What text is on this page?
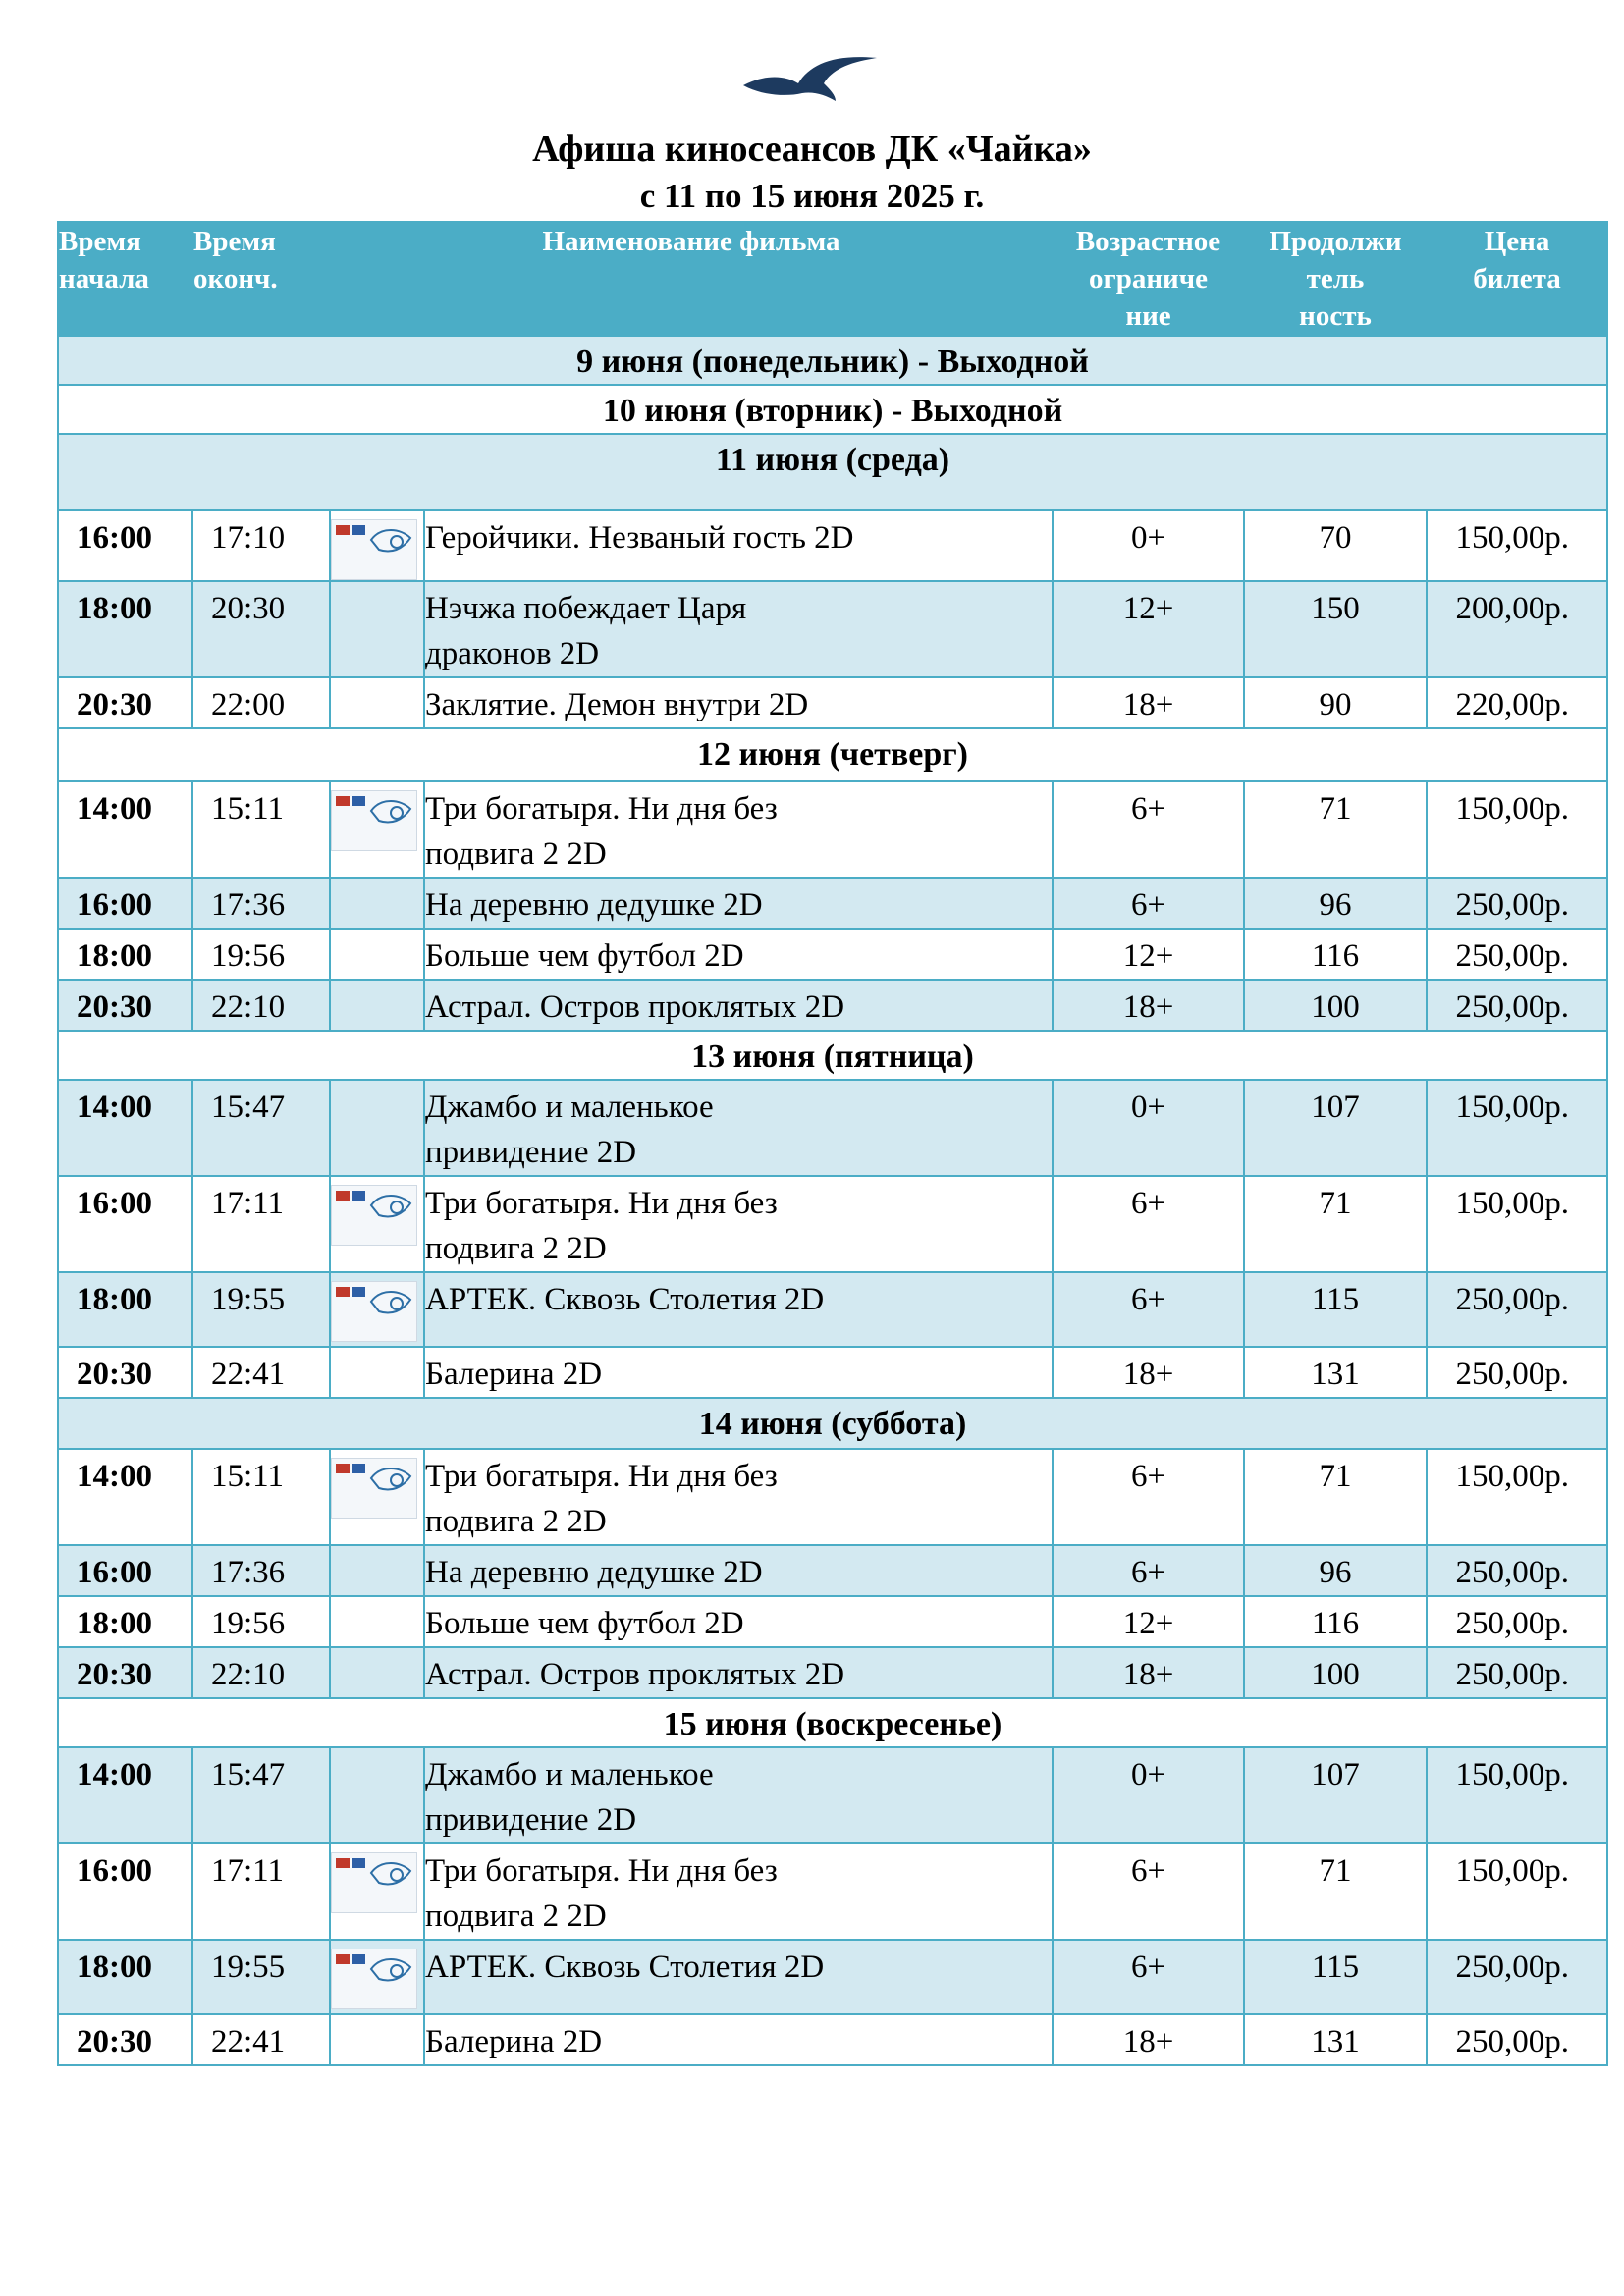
Афиша киносеансов ДК «Чайка»
с 11 по 15 июня 2025 г.
Время
начала	Время
оконч.	Наименование фильма		Возрастное
ограниче
ние	Продолжи
тель
ность	Цена
билета
9 июня (понедельник) - Выходной						
10 июня (вторник) - Выходной						
11 июня (среда)						
16:00	17:10		Геройчики. Незваный гость 2D	0+	70	150,00р.
18:00	20:30		Нэчжа побеждает Царя
драконов 2D	12+	150	200,00р.
20:30	22:00		Заклятие. Демон внутри 2D	18+	90	220,00р.
12 июня (четверг)						
14:00	15:11		Три богатыря. Ни дня без
подвига 2 2D	6+	71	150,00р.
16:00	17:36		На деревню дедушке 2D	6+	96	250,00р.
18:00	19:56		Больше чем футбол 2D	12+	116	250,00р.
20:30	22:10		Астрал. Остров проклятых 2D	18+	100	250,00р.
13 июня (пятница)						
14:00	15:47		Джамбо и маленькое
привидение 2D	0+	107	150,00р.
16:00	17:11		Три богатыря. Ни дня без
подвига 2 2D	6+	71	150,00р.
18:00	19:55		АРТЕК. Сквозь Столетия 2D	6+	115	250,00р.
20:30	22:41		Балерина 2D	18+	131	250,00р.
14 июня (суббота)						
14:00	15:11		Три богатыря. Ни дня без
подвига 2 2D	6+	71	150,00р.
16:00	17:36		На деревню дедушке 2D	6+	96	250,00р.
18:00	19:56		Больше чем футбол 2D	12+	116	250,00р.
20:30	22:10		Астрал. Остров проклятых 2D	18+	100	250,00р.
15 июня (воскресенье)						
14:00	15:47		Джамбо и маленькое
привидение 2D	0+	107	150,00р.
16:00	17:11		Три богатыря. Ни дня без
подвига 2 2D	6+	71	150,00р.
18:00	19:55		АРТЕК. Сквозь Столетия 2D	6+	115	250,00р.
20:30	22:41		Балерина 2D	18+	131	250,00р.
